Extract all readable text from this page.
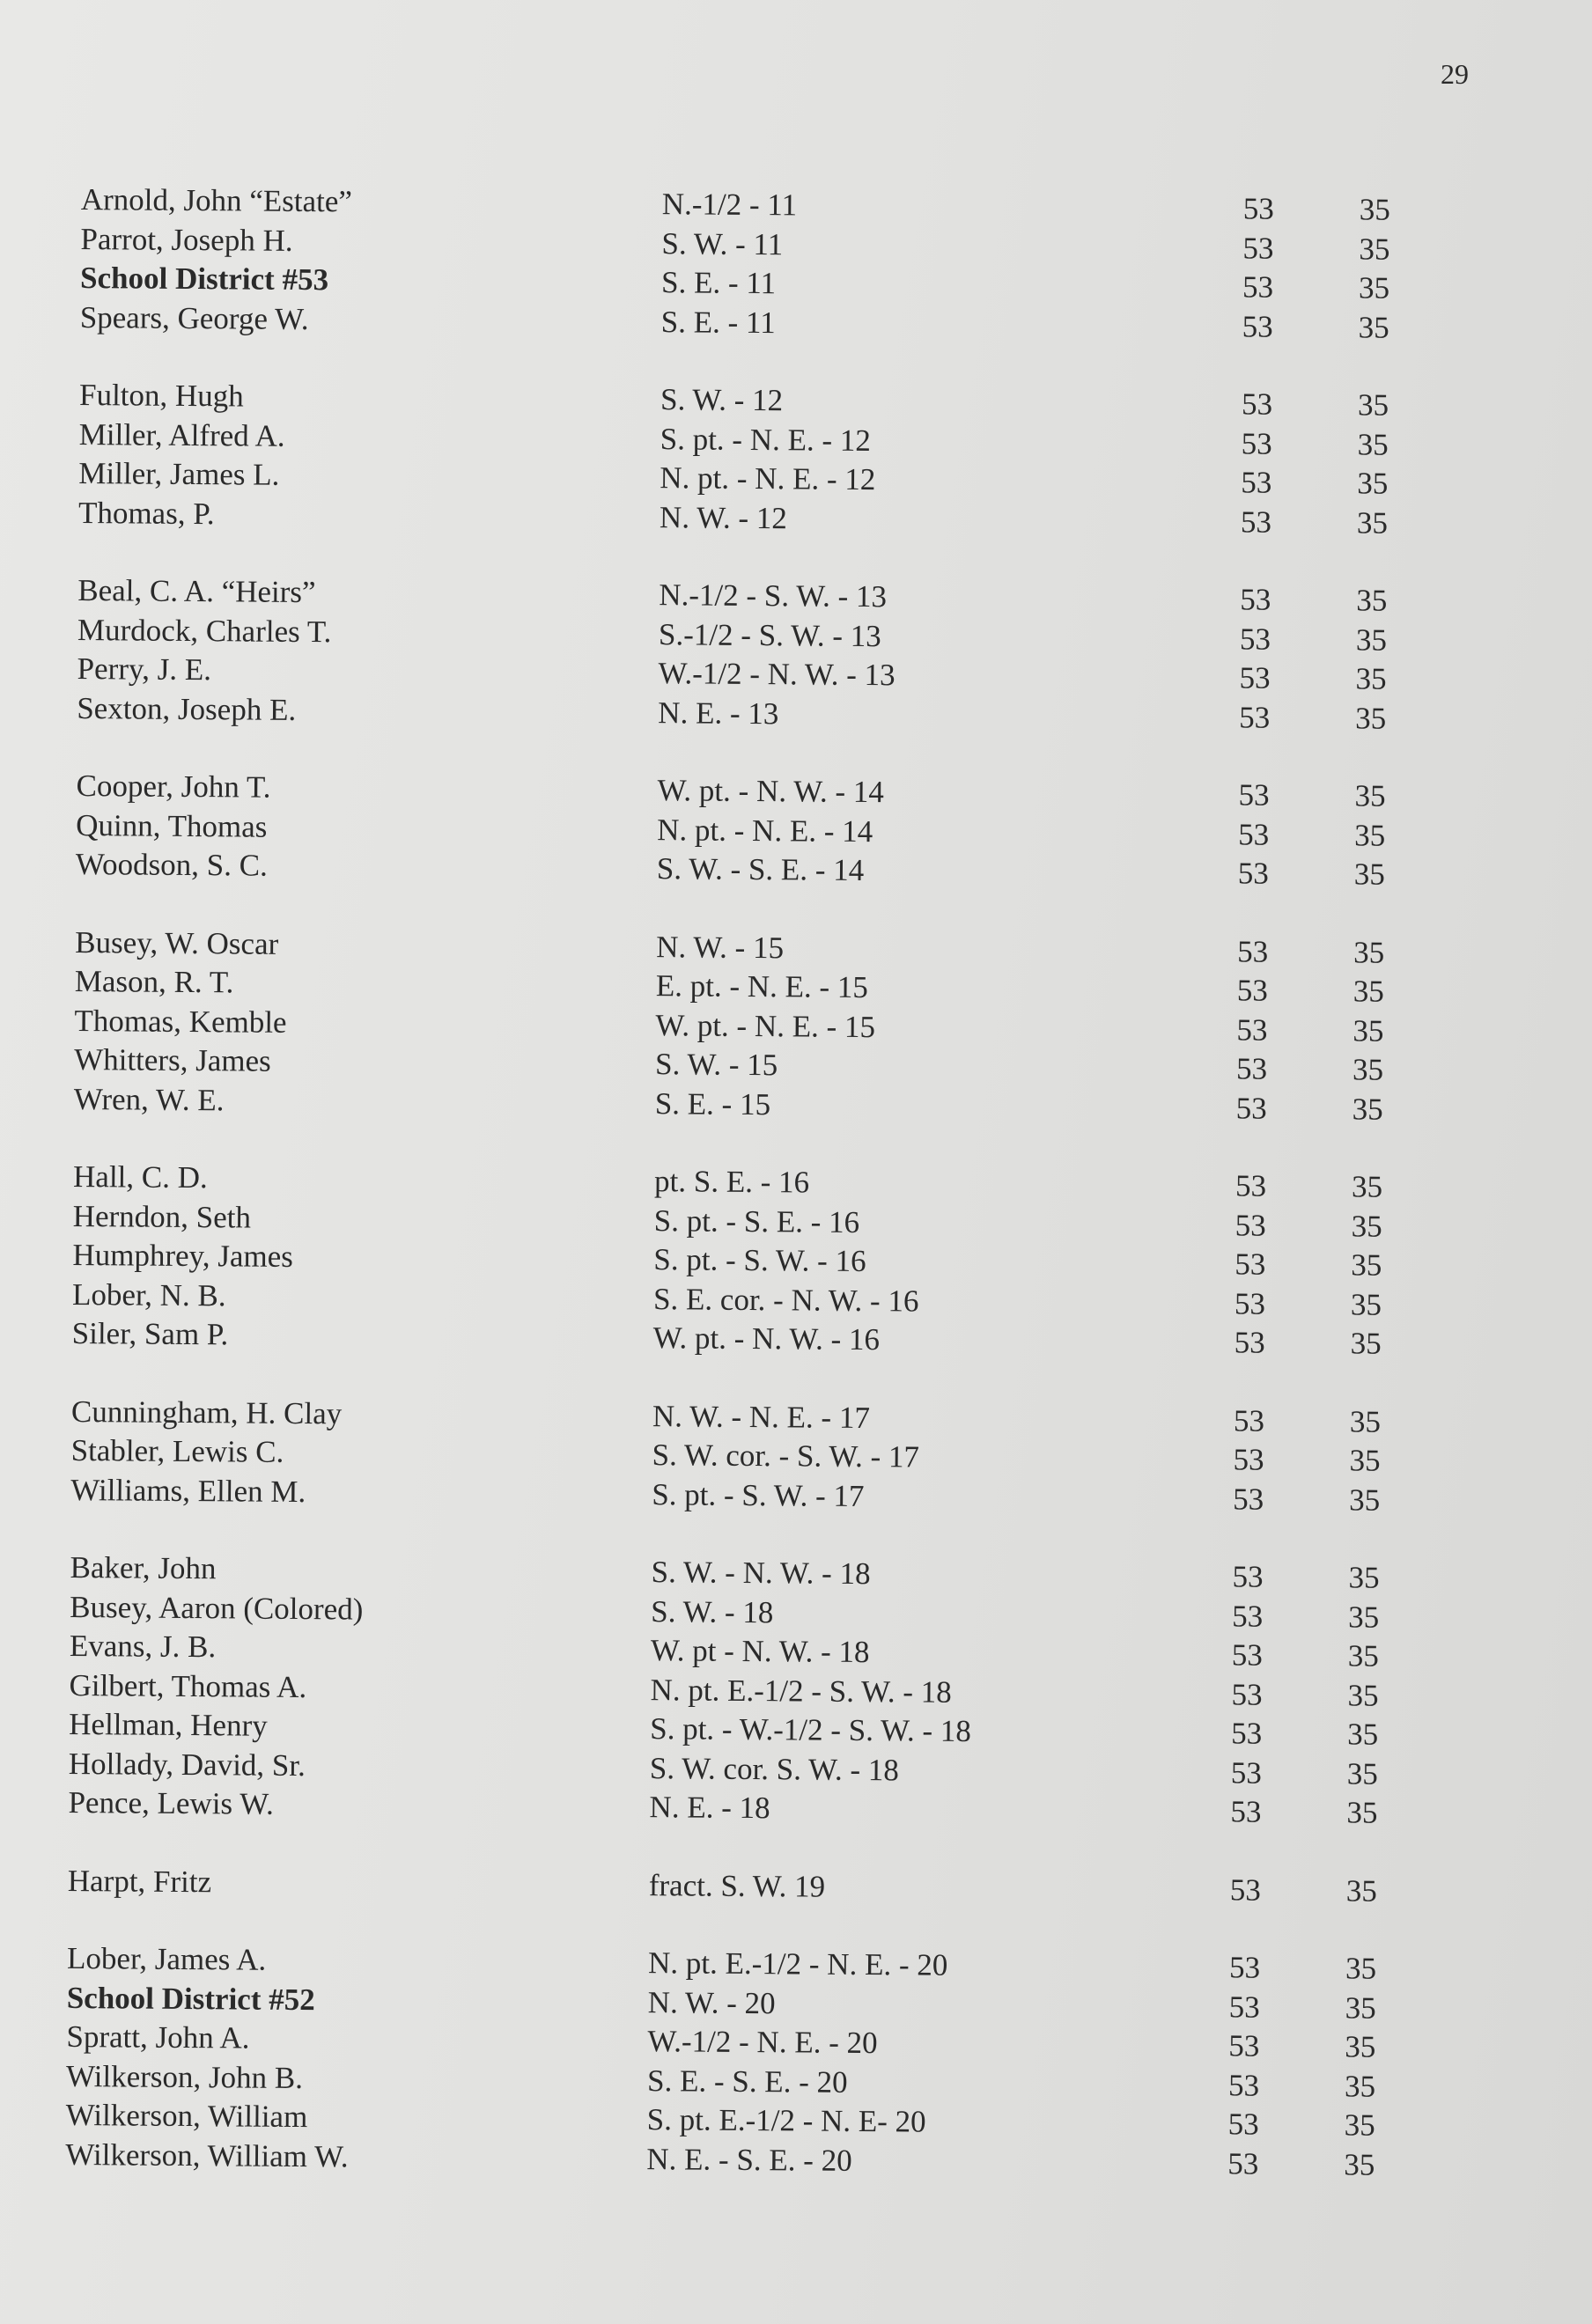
29
Arnold, John “Estate”	N.-1/2 - 11	53	35
Parrot, Joseph H.	S. W. - 11	53	35
School District #53	S. E. - 11	53	35
Spears, George W.	S. E. - 11	53	35
Fulton, Hugh	S. W. - 12	53	35
Miller, Alfred A.	S. pt. - N. E. - 12	53	35
Miller, James L.	N. pt. - N. E. - 12	53	35
Thomas, P.	N. W. - 12	53	35
Beal, C. A. “Heirs”	N.-1/2 - S. W. - 13	53	35
Murdock, Charles T.	S.-1/2 - S. W. - 13	53	35
Perry, J. E.	W.-1/2 - N. W. - 13	53	35
Sexton, Joseph E.	N. E. - 13	53	35
Cooper, John T.	W. pt. - N. W. - 14	53	35
Quinn, Thomas	N. pt. - N. E. - 14	53	35
Woodson, S. C.	S. W. - S. E. - 14	53	35
Busey, W. Oscar	N. W. - 15	53	35
Mason, R. T.	E. pt. - N. E. - 15	53	35
Thomas, Kemble	W. pt. - N. E. - 15	53	35
Whitters, James	S. W. - 15	53	35
Wren, W. E.	S. E. - 15	53	35
Hall, C. D.	pt. S. E. - 16	53	35
Herndon, Seth	S. pt. - S. E. - 16	53	35
Humphrey, James	S. pt. - S. W. - 16	53	35
Lober, N. B.	S. E. cor. - N. W. - 16	53	35
Siler, Sam P.	W. pt. - N. W. - 16	53	35
Cunningham, H. Clay	N. W. - N. E. - 17	53	35
Stabler, Lewis C.	S. W. cor. - S. W. - 17	53	35
Williams, Ellen M.	S. pt. - S. W. - 17	53	35
Baker, John	S. W. - N. W. - 18	53	35
Busey, Aaron (Colored)	S. W. - 18	53	35
Evans, J. B.	W. pt - N. W. - 18	53	35
Gilbert, Thomas A.	N. pt. E.-1/2 - S. W. - 18	53	35
Hellman, Henry	S. pt. - W.-1/2 - S. W. - 18	53	35
Hollady, David, Sr.	S. W. cor. S. W. - 18	53	35
Pence, Lewis W.	N. E. - 18	53	35
Harpt, Fritz	fract. S. W. 19	53	35
Lober, James A.	N. pt. E.-1/2 - N. E. - 20	53	35
School District #52	N. W. - 20	53	35
Spratt, John A.	W.-1/2 - N. E. - 20	53	35
Wilkerson, John B.	S. E. - S. E. - 20	53	35
Wilkerson, William	S. pt. E.-1/2 - N. E- 20	53	35
Wilkerson, William W.	N. E. - S. E. - 20	53	35
